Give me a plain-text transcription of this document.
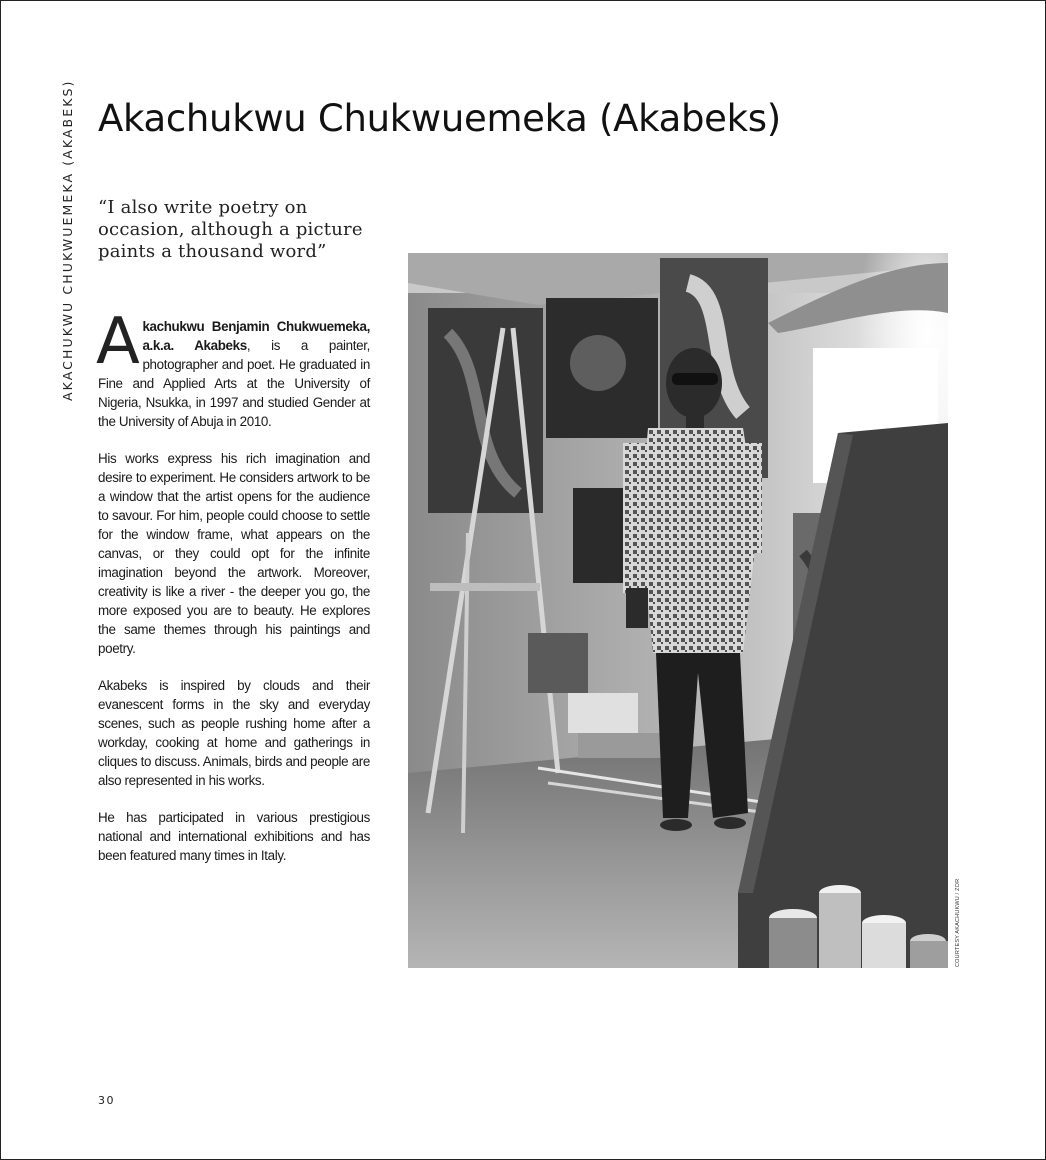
AKACHUKWU CHUKWUEMEKA (AKABEKS) Akachukwu Chukwuemeka (Akabeks)

“I also write poetry on occasion, although a picture paints a thousand word”

Akachukwu Benjamin Chukwuemeka, a.k.a. Akabeks, is a painter, photographer and poet. He graduated in Fine and Applied Arts at the University of Nigeria, Nsukka, in 1997 and studied Gender at the University of Abuja in 2010.

His works express his rich imagination and desire to experiment. He considers artwork to be a window that the artist opens for the audience to savour. For him, people could choose to settle for the window frame, what appears on the canvas, or they could opt for the infinite imagination beyond the artwork. Moreover, creativity is like a river - the deeper you go, the more exposed you are to beauty. He explores the same themes through his paintings and poetry.

Akabeks is inspired by clouds and their evanescent forms in the sky and everyday scenes, such as people rushing home after a workday, cooking at home and gatherings in cliques to discuss. Animals, birds and people are also represented in his works.

He has participated in various prestigious national and international exhibitions and has been featured many times in Italy.

COURTESY AKACHUKWU / ZOR
30
